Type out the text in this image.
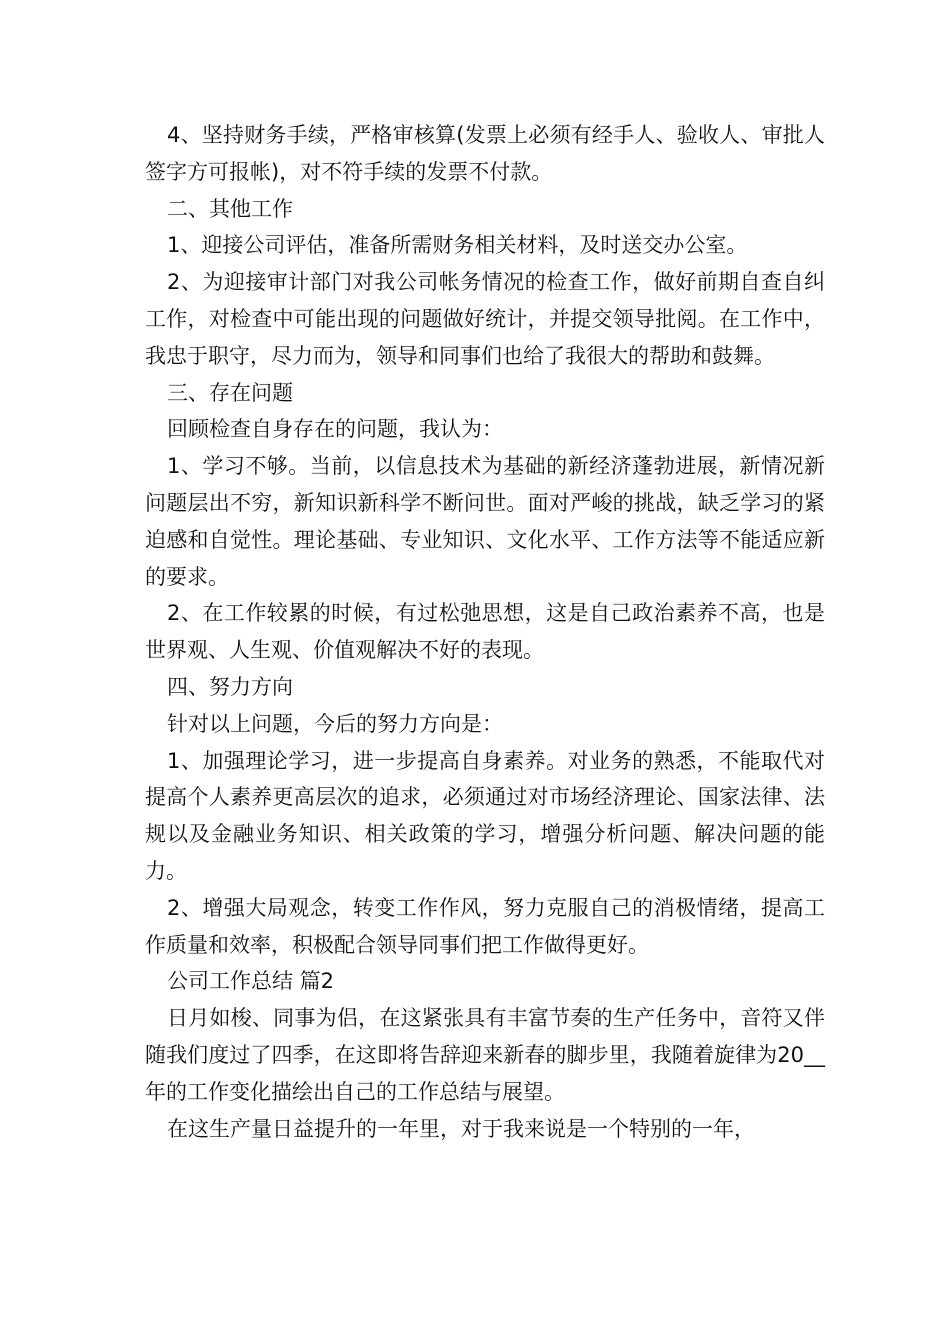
4、坚持财务手续，严格审核算(发票上必须有经手人、验收人、审批人签字方可报帐)，对不符手续的发票不付款。

二、其他工作

1、迎接公司评估，准备所需财务相关材料，及时送交办公室。

2、为迎接审计部门对我公司帐务情况的检查工作，做好前期自查自纠工作，对检查中可能出现的问题做好统计，并提交领导批阅。在工作中，我忠于职守，尽力而为，领导和同事们也给了我很大的帮助和鼓舞。

三、存在问题

回顾检查自身存在的问题，我认为：

1、学习不够。当前，以信息技术为基础的新经济蓬勃进展，新情况新问题层出不穷，新知识新科学不断问世。面对严峻的挑战，缺乏学习的紧迫感和自觉性。理论基础、专业知识、文化水平、工作方法等不能适应新的要求。

2、在工作较累的时候，有过松弛思想，这是自己政治素养不高，也是世界观、人生观、价值观解决不好的表现。

四、努力方向

针对以上问题，今后的努力方向是：

1、加强理论学习，进一步提高自身素养。对业务的熟悉，不能取代对提高个人素养更高层次的追求，必须通过对市场经济理论、国家法律、法规以及金融业务知识、相关政策的学习，增强分析问题、解决问题的能力。

2、增强大局观念，转变工作作风，努力克服自己的消极情绪，提高工作质量和效率，积极配合领导同事们把工作做得更好。

公司工作总结 篇2

日月如梭、同事为侣，在这紧张具有丰富节奏的生产任务中，音符又伴随我们度过了四季，在这即将告辞迎来新春的脚步里，我随着旋律为20__年的工作变化描绘出自己的工作总结与展望。

在这生产量日益提升的一年里，对于我来说是一个特别的一年，
